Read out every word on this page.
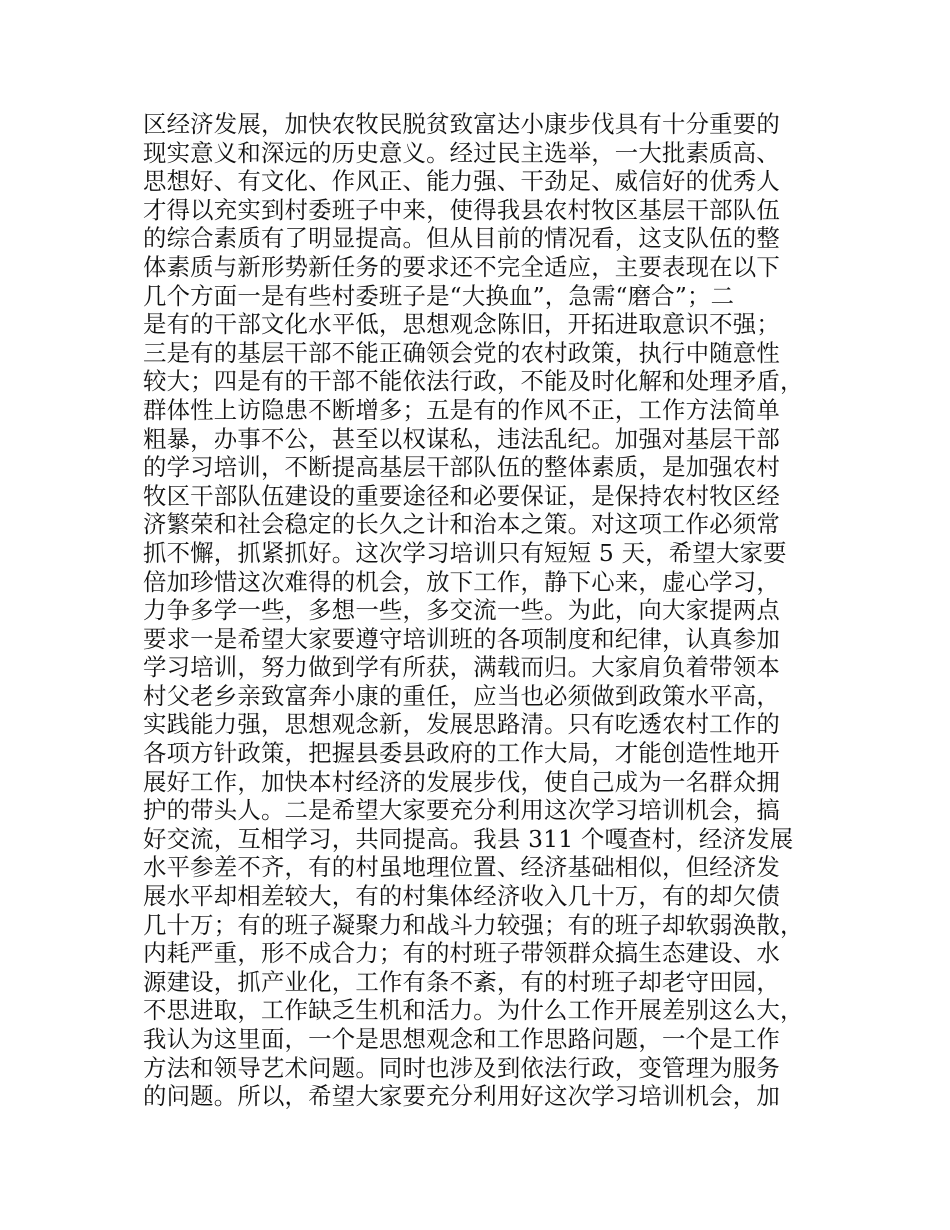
区经济发展，加快农牧民脱贫致富达小康步伐具有十分重要的
现实意义和深远的历史意义。经过民主选举，一大批素质高、
思想好、有文化、作风正、能力强、干劲足、威信好的优秀人
才得以充实到村委班子中来，使得我县农村牧区基层干部队伍
的综合素质有了明显提高。但从目前的情况看，这支队伍的整
体素质与新形势新任务的要求还不完全适应，主要表现在以下
几个方面一是有些村委班子是“大换血”，急需“磨合”；二
是有的干部文化水平低，思想观念陈旧，开拓进取意识不强；
三是有的基层干部不能正确领会党的农村政策，执行中随意性
较大；四是有的干部不能依法行政，不能及时化解和处理矛盾，
群体性上访隐患不断增多；五是有的作风不正，工作方法简单
粗暴，办事不公，甚至以权谋私，违法乱纪。加强对基层干部
的学习培训，不断提高基层干部队伍的整体素质，是加强农村
牧区干部队伍建设的重要途径和必要保证，是保持农村牧区经
济繁荣和社会稳定的长久之计和治本之策。对这项工作必须常
抓不懈，抓紧抓好。这次学习培训只有短短 5 天，希望大家要
倍加珍惜这次难得的机会，放下工作，静下心来，虚心学习，
力争多学一些，多想一些，多交流一些。为此，向大家提两点
要求一是希望大家要遵守培训班的各项制度和纪律，认真参加
学习培训，努力做到学有所获，满载而归。大家肩负着带领本
村父老乡亲致富奔小康的重任，应当也必须做到政策水平高，
实践能力强，思想观念新，发展思路清。只有吃透农村工作的
各项方针政策，把握县委县政府的工作大局，才能创造性地开
展好工作，加快本村经济的发展步伐，使自己成为一名群众拥
护的带头人。二是希望大家要充分利用这次学习培训机会，搞
好交流，互相学习，共同提高。我县 311 个嘎查村，经济发展
水平参差不齐，有的村虽地理位置、经济基础相似，但经济发
展水平却相差较大，有的村集体经济收入几十万，有的却欠债
几十万；有的班子凝聚力和战斗力较强；有的班子却软弱涣散，
内耗严重，形不成合力；有的村班子带领群众搞生态建设、水
源建设，抓产业化，工作有条不紊，有的村班子却老守田园，
不思进取，工作缺乏生机和活力。为什么工作开展差别这么大，
我认为这里面，一个是思想观念和工作思路问题，一个是工作
方法和领导艺术问题。同时也涉及到依法行政，变管理为服务
的问题。所以，希望大家要充分利用好这次学习培训机会，加
